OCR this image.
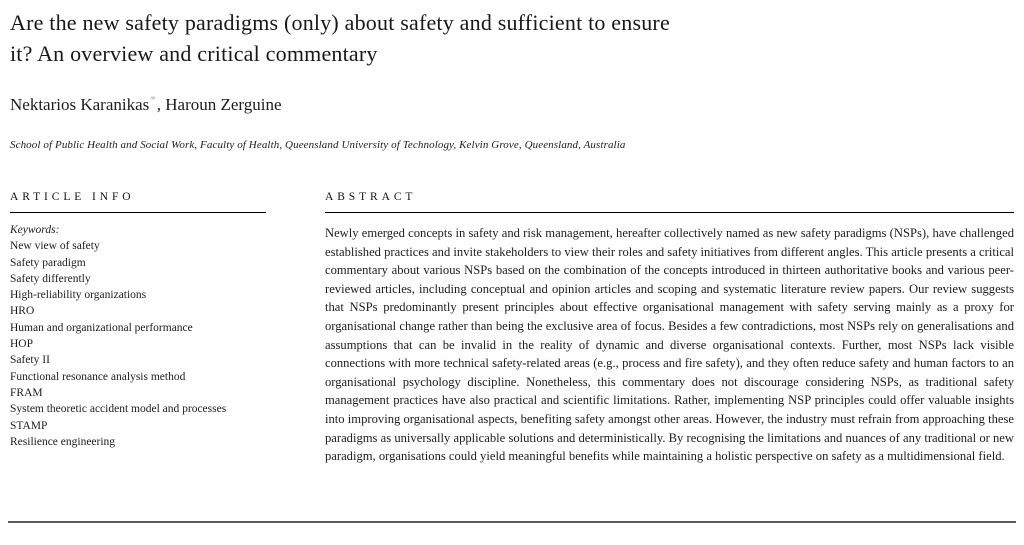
Are the new safety paradigms (only) about safety and sufficient to ensure
it? An overview and critical commentary
Nektarios Karanikas*, Haroun Zerguine
School of Public Health and Social Work, Faculty of Health, Queensland University of Technology, Kelvin Grove, Queensland, Australia
ARTICLE INFO
Keywords:
New view of safety
Safety paradigm
Safety differently
High-reliability organizations
HRO
Human and organizational performance
HOP
Safety II
Functional resonance analysis method
FRAM
System theoretic accident model and processes
STAMP
Resilience engineering
ABSTRACT
Newly emerged concepts in safety and risk management, hereafter collectively named as new safety paradigms (NSPs), have challenged established practices and invite stakeholders to view their roles and safety initiatives from different angles. This article presents a critical commentary about various NSPs based on the combination of the concepts introduced in thirteen authoritative books and various peer-reviewed articles, including conceptual and opinion articles and scoping and systematic literature review papers. Our review suggests that NSPs predominantly present principles about effective organisational management with safety serving mainly as a proxy for organisational change rather than being the exclusive area of focus. Besides a few contradictions, most NSPs rely on generalisations and assumptions that can be invalid in the reality of dynamic and diverse organisational contexts. Further, most NSPs lack visible connections with more technical safety-related areas (e.g., process and fire safety), and they often reduce safety and human factors to an organisational psychology discipline. Nonetheless, this commentary does not discourage considering NSPs, as traditional safety management practices have also practical and scientific limitations. Rather, implementing NSP principles could offer valuable insights into improving organisational aspects, benefiting safety amongst other areas. However, the industry must refrain from approaching these paradigms as universally applicable solutions and deterministically. By recognising the limitations and nuances of any traditional or new paradigm, organisations could yield meaningful benefits while maintaining a holistic perspective on safety as a multidimensional field.
